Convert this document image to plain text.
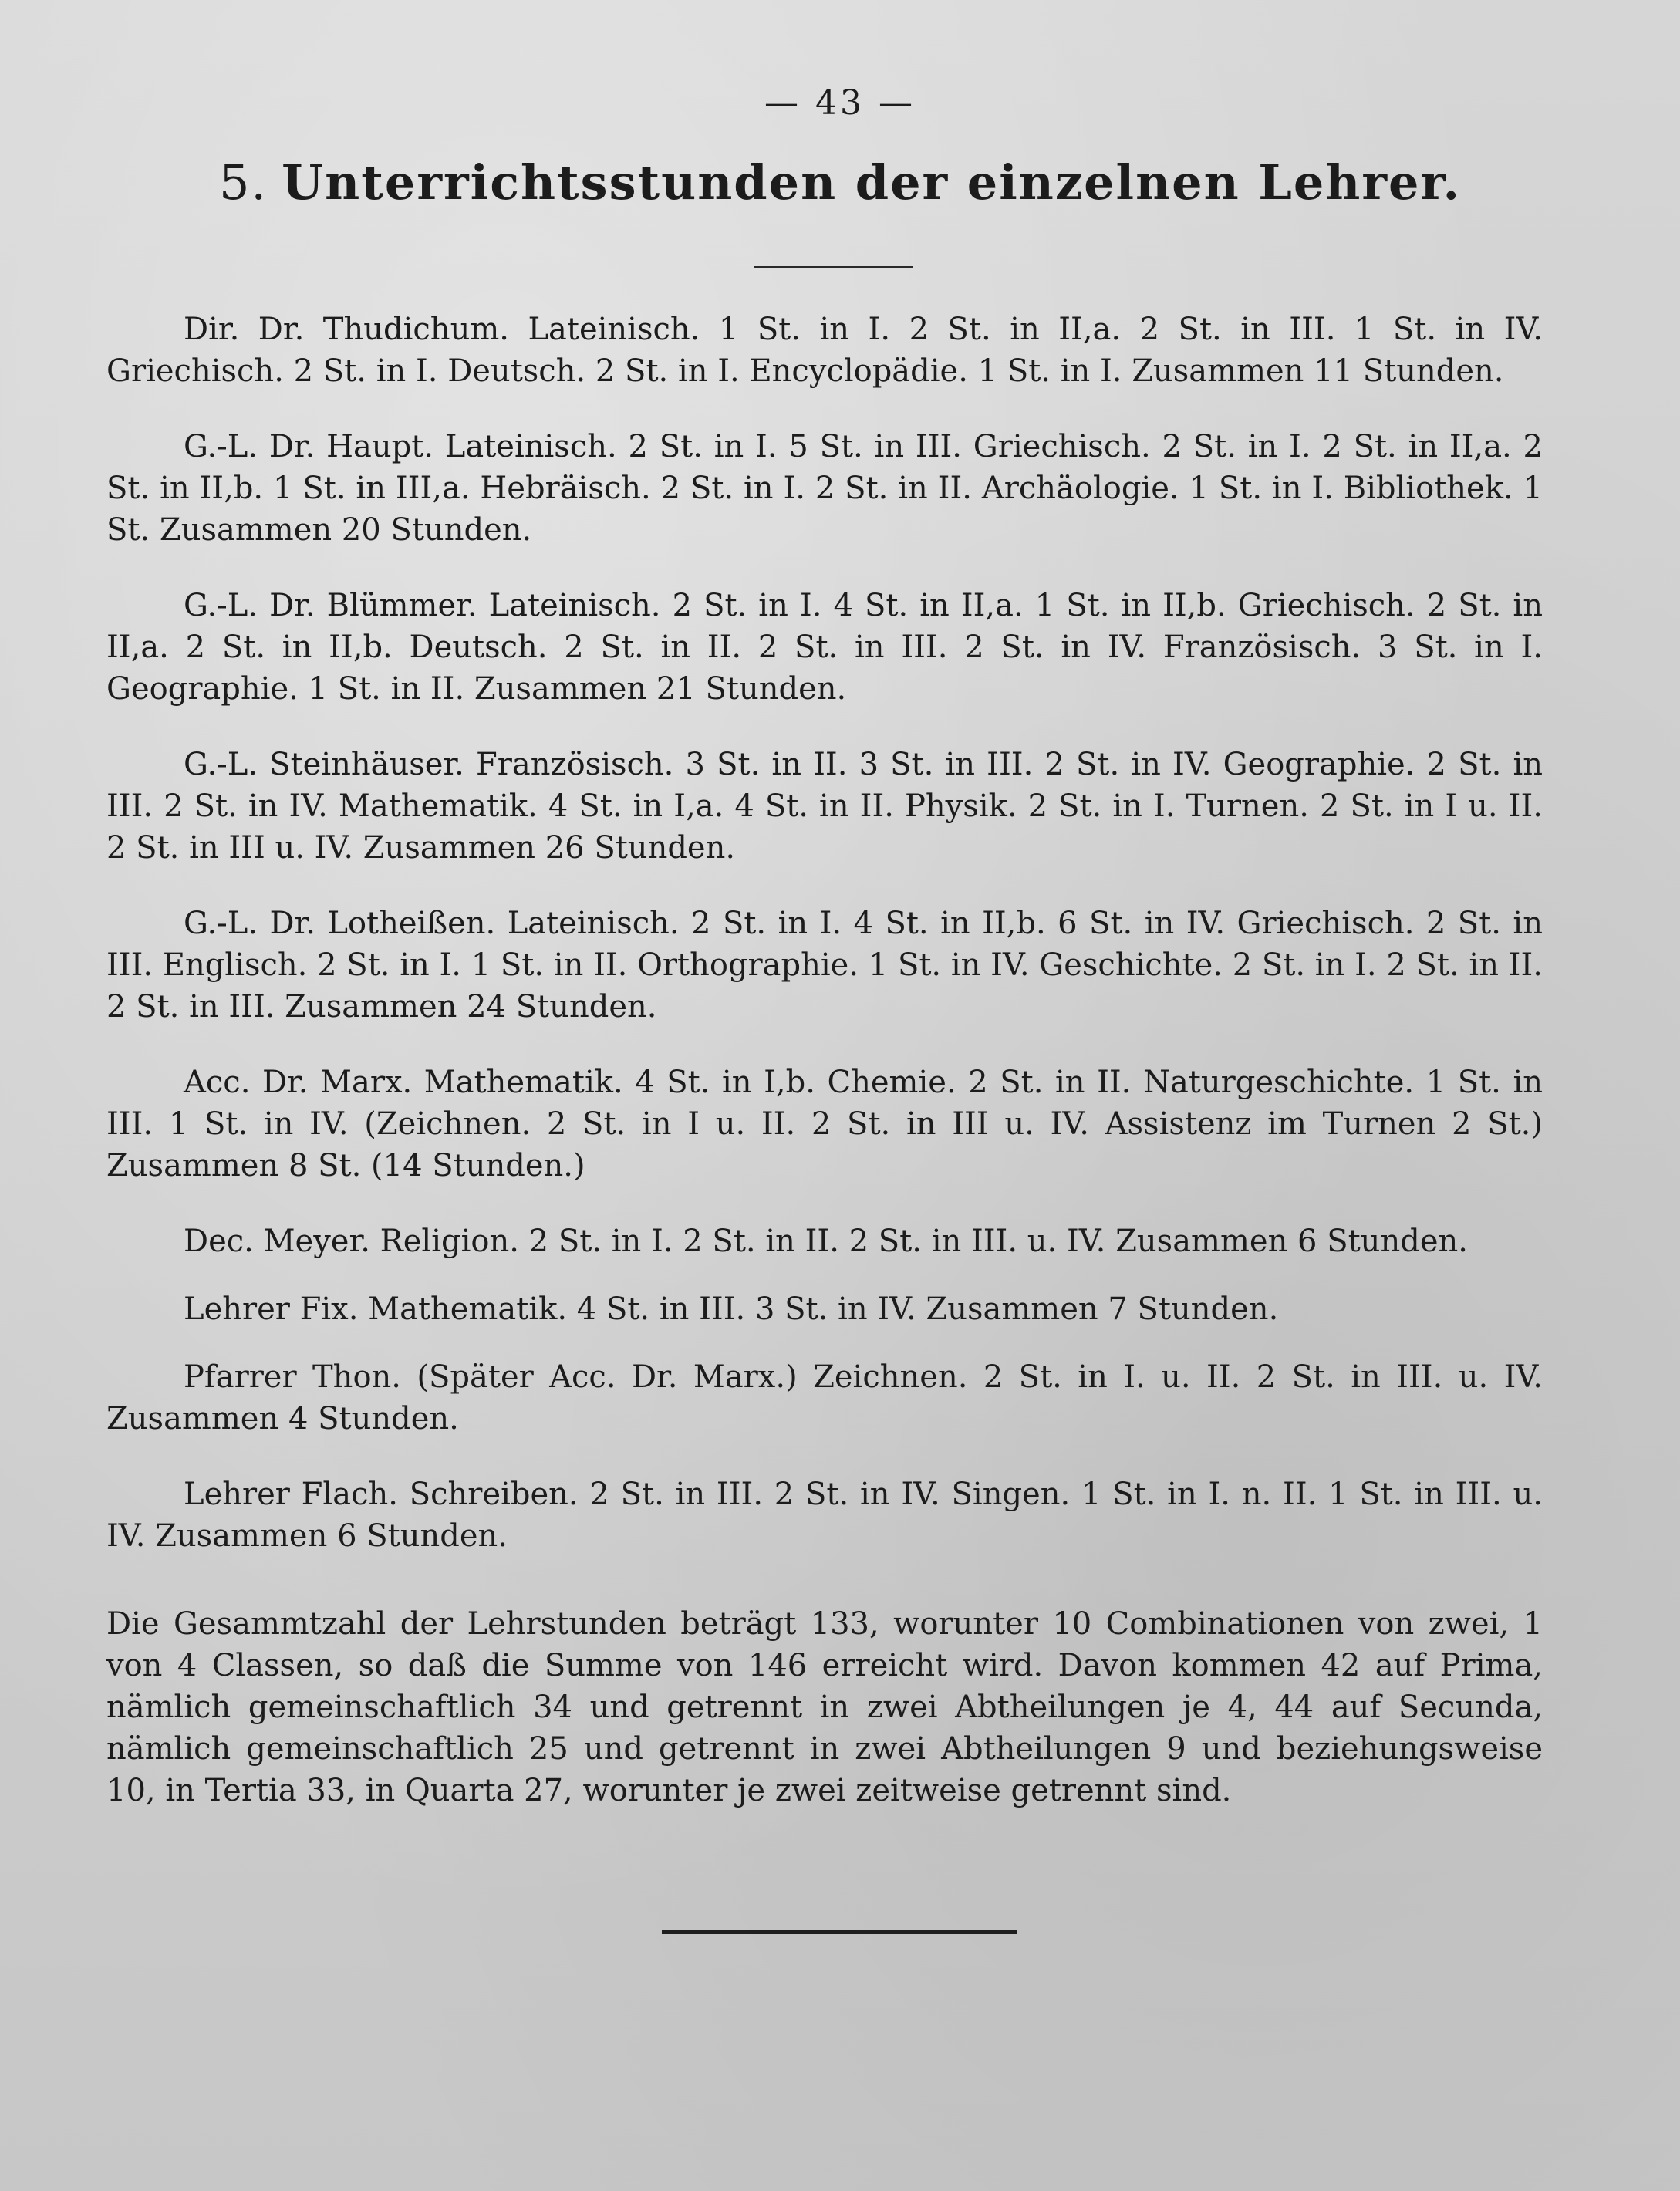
— 43 —
5. Unterrichtsstunden der einzelnen Lehrer.

Dir. Dr. Thudichum. Lateinisch. 1 St. in I. 2 St. in II,a. 2 St. in III. 1 St. in IV. Griechisch. 2 St. in I. Deutsch. 2 St. in I. Encyclopädie. 1 St. in I. Zusammen 11 Stunden.

G.-L. Dr. Haupt. Lateinisch. 2 St. in I. 5 St. in III. Griechisch. 2 St. in I. 2 St. in II,a. 2 St. in II,b. 1 St. in III,a. Hebräisch. 2 St. in I. 2 St. in II. Archäologie. 1 St. in I. Bibliothek. 1 St. Zusammen 20 Stunden.

G.-L. Dr. Blümmer. Lateinisch. 2 St. in I. 4 St. in II,a. 1 St. in II,b. Griechisch. 2 St. in II,a. 2 St. in II,b. Deutsch. 2 St. in II. 2 St. in III. 2 St. in IV. Französisch. 3 St. in I. Geographie. 1 St. in II. Zusammen 21 Stunden.

G.-L. Steinhäuser. Französisch. 3 St. in II. 3 St. in III. 2 St. in IV. Geographie. 2 St. in III. 2 St. in IV. Mathematik. 4 St. in I,a. 4 St. in II. Physik. 2 St. in I. Turnen. 2 St. in I u. II. 2 St. in III u. IV. Zusammen 26 Stunden.

G.-L. Dr. Lotheißen. Lateinisch. 2 St. in I. 4 St. in II,b. 6 St. in IV. Griechisch. 2 St. in III. Englisch. 2 St. in I. 1 St. in II. Orthographie. 1 St. in IV. Geschichte. 2 St. in I. 2 St. in II. 2 St. in III. Zusammen 24 Stunden.

Acc. Dr. Marx. Mathematik. 4 St. in I,b. Chemie. 2 St. in II. Naturgeschichte. 1 St. in III. 1 St. in IV. (Zeichnen. 2 St. in I u. II. 2 St. in III u. IV. Assistenz im Turnen 2 St.) Zusammen 8 St. (14 Stunden.)

Dec. Meyer. Religion. 2 St. in I. 2 St. in II. 2 St. in III. u. IV. Zusammen 6 Stunden.

Lehrer Fix. Mathematik. 4 St. in III. 3 St. in IV. Zusammen 7 Stunden.

Pfarrer Thon. (Später Acc. Dr. Marx.) Zeichnen. 2 St. in I. u. II. 2 St. in III. u. IV. Zusammen 4 Stunden.

Lehrer Flach. Schreiben. 2 St. in III. 2 St. in IV. Singen. 1 St. in I. n. II. 1 St. in III. u. IV. Zusammen 6 Stunden.

Die Gesammtzahl der Lehrstunden beträgt 133, worunter 10 Combinationen von zwei, 1 von 4 Classen, so daß die Summe von 146 erreicht wird. Davon kommen 42 auf Prima, nämlich gemeinschaftlich 34 und getrennt in zwei Abtheilungen je 4, 44 auf Secunda, nämlich gemeinschaftlich 25 und getrennt in zwei Abtheilungen 9 und beziehungsweise 10, in Tertia 33, in Quarta 27, worunter je zwei zeitweise getrennt sind.
